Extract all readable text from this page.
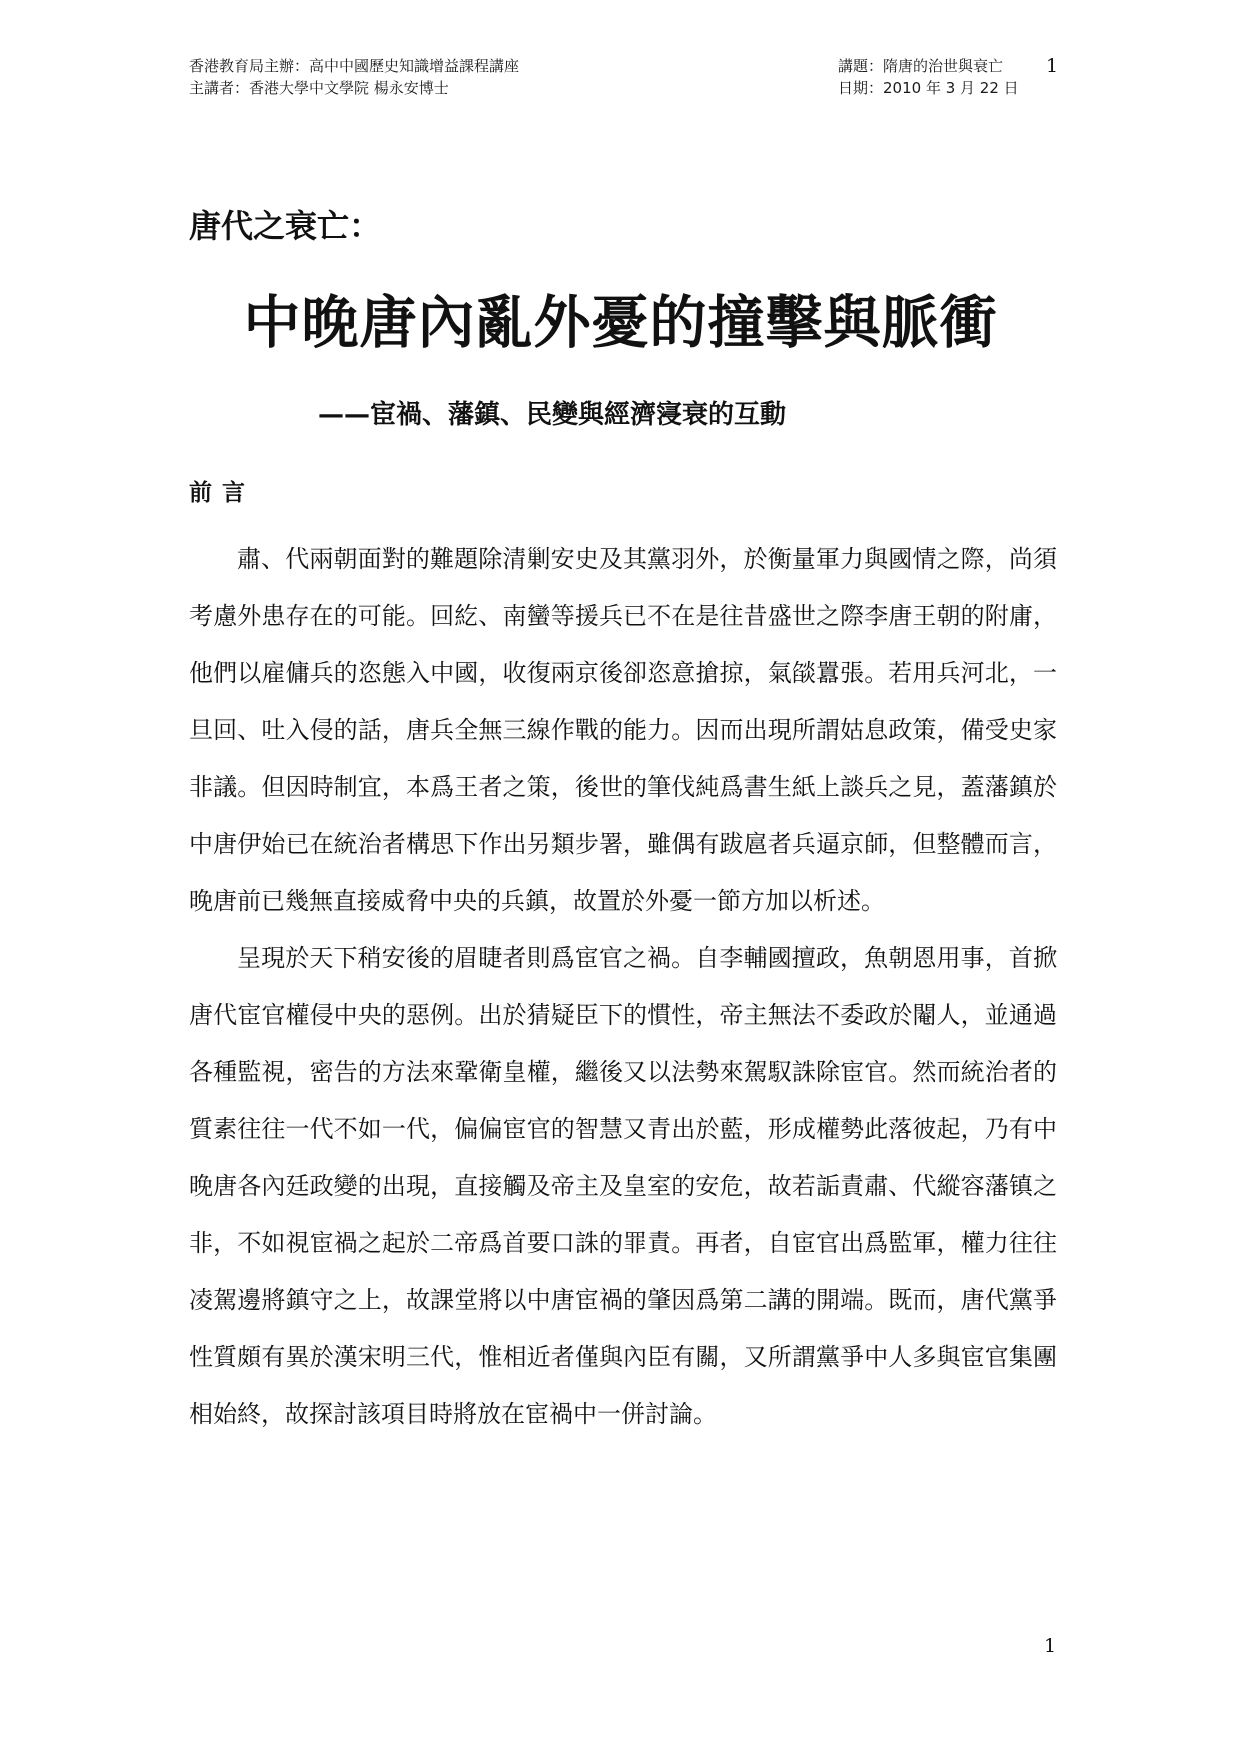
香港教育局主辦：高中中國歷史知識增益課程講座
主講者：香港大學中文學院 楊永安博士
講題：隋唐的治世與衰亡
日期：2010 年 3 月 22 日
1
唐代之衰亡：
中晚唐內亂外憂的撞擊與脈衝
——宦禍、藩鎮、民變與經濟寖衰的互動
前言

肅、代兩朝面對的難題除清剿安史及其黨羽外，於衡量軍力與國情之際，尚須考慮外患存在的可能。回紇、南蠻等援兵已不在是往昔盛世之際李唐王朝的附庸，他們以雇傭兵的恣態入中國，收復兩京後卻恣意搶掠，氣燄囂張。若用兵河北，一旦回、吐入侵的話，唐兵全無三線作戰的能力。因而出現所謂姑息政策，備受史家非議。但因時制宜，本爲王者之策，後世的筆伐純爲書生紙上談兵之見，蓋藩鎮於中唐伊始已在統治者構思下作出另類步署，雖偶有跋扈者兵逼京師，但整體而言，晚唐前已幾無直接威脅中央的兵鎮，故置於外憂一節方加以析述。

呈現於天下稍安後的眉睫者則爲宦官之禍。自李輔國擅政，魚朝恩用事，首掀唐代宦官權侵中央的惡例。出於猜疑臣下的慣性，帝主無法不委政於閹人，並通過各種監視，密告的方法來鞏衛皇權，繼後又以法勢來駕馭誅除宦官。然而統治者的質素往往一代不如一代，偏偏宦官的智慧又青出於藍，形成權勢此落彼起，乃有中晚唐各內廷政變的出現，直接觸及帝主及皇室的安危，故若詬責肅、代縱容藩镇之非，不如視宦禍之起於二帝爲首要口誅的罪責。再者，自宦官出爲監軍，權力往往凌駕邊將鎮守之上，故課堂將以中唐宦禍的肇因爲第二講的開端。既而，唐代黨爭性質頗有異於漢宋明三代，惟相近者僅與內臣有關，又所謂黨爭中人多與宦官集團相始終，故探討該項目時將放在宦禍中一併討論。

1
